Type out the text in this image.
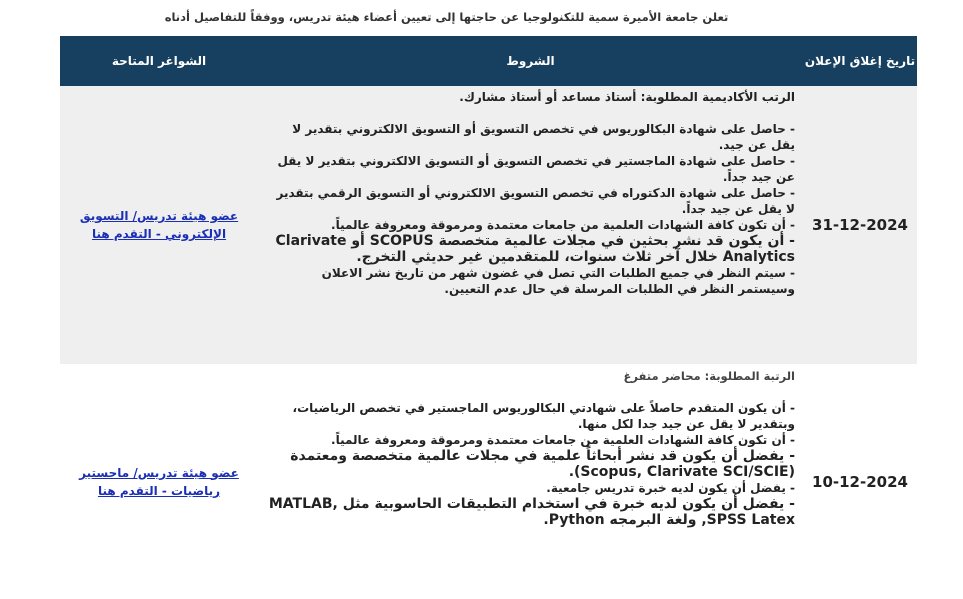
تعلن جامعة الأميرة سمية للتكنولوجيا عن حاجتها إلى تعيين أعضاء هيئة تدريس، ووفقاً للتفاصيل أدناه
الشواغر المتاحة	الشروط	تاريخ إغلاق الإعلان
عضو هيئة تدريس/ التسويق الإلكتروني - التقدم هنا

الرتب الأكاديمية المطلوبة: أستاذ مساعد أو أستاذ مشارك.

- حاصل على شهادة البكالوريوس في تخصص التسويق أو التسويق الالكتروني بتقدير لا يقل عن جيد.

- حاصل على شهادة الماجستير في تخصص التسويق أو التسويق الالكتروني بتقدير لا يقل عن جيد جداً.

- حاصل على شهادة الدكتوراه في تخصص التسويق الالكتروني أو التسويق الرقمي بتقدير لا يقل عن جيد جداً.

- أن تكون كافة الشهادات العلمية من جامعات معتمدة ومرموقة ومعروفة عالمياً.

- أن يكون قد نشر بحثين في مجلات عالمية متخصصة SCOPUS أو Clarivate Analytics خلال آخر ثلاث سنوات، للمتقدمين غير حديثي التخرج.

- سيتم النظر في جميع الطلبات التي تصل في غضون شهر من تاريخ نشر الاعلان وسيستمر النظر في الطلبات المرسلة في حال عدم التعيين.

31-12-2024
عضو هيئة تدريس/ ماجستير رياضيات - التقدم هنا

الرتبة المطلوبة: محاضر متفرغ

- أن يكون المتقدم حاصلاً على شهادتي البكالوريوس الماجستير في تخصص الرياضيات، وبتقدير لا يقل عن جيد جدا لكل منها.

- أن تكون كافة الشهادات العلمية من جامعات معتمدة ومرموقة ومعروفة عالمياً.

- يفضل أن يكون قد نشر أبحاثاً علمية في مجلات عالمية متخصصة ومعتمدة (Scopus, Clarivate SCI/SCIE).

- يفضل أن يكون لديه خبرة تدريس جامعية.

- يفضل أن يكون لديه خبرة في استخدام التطبيقات الحاسوبية مثل MATLAB, SPSS Latex, ولغة البرمجه Python.

10-12-2024
